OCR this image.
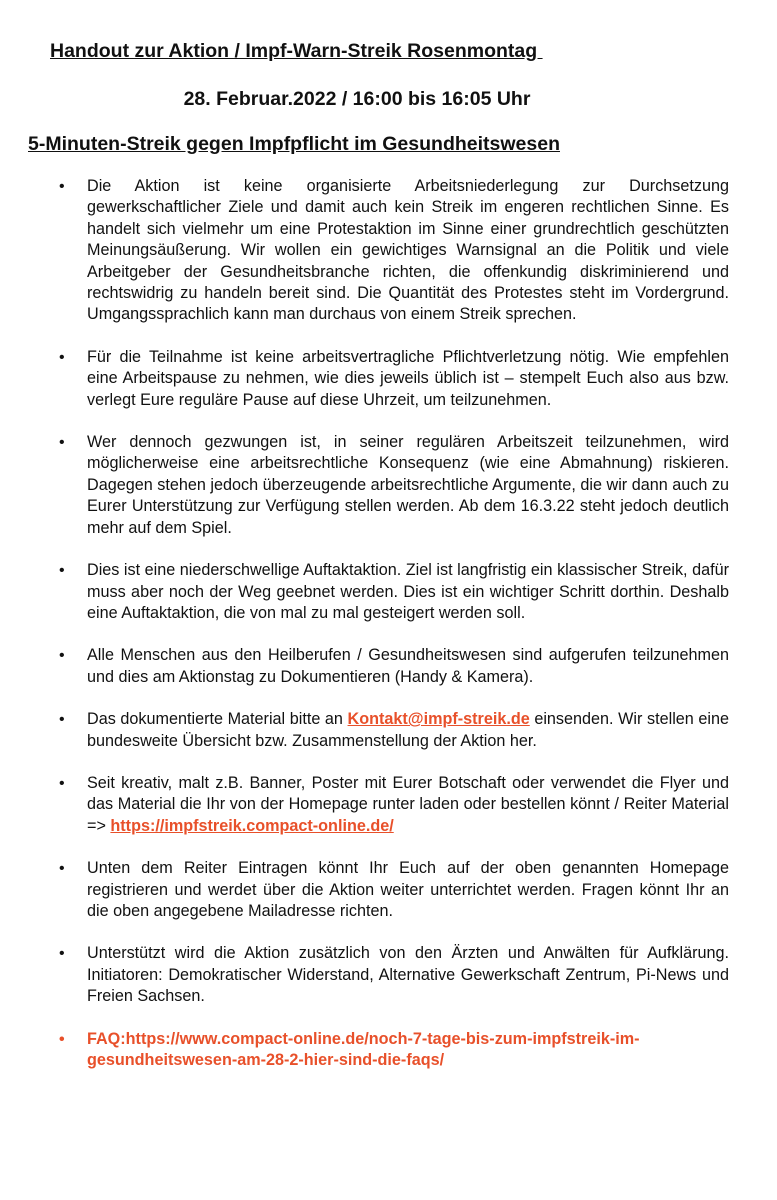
Handout zur Aktion / Impf-Warn-Streik Rosenmontag
28. Februar.2022 / 16:00 bis 16:05 Uhr
5-Minuten-Streik gegen Impfpflicht im Gesundheitswesen
• Die Aktion ist keine organisierte Arbeitsniederlegung zur Durchsetzung gewerkschaftlicher Ziele und damit auch kein Streik im engeren rechtlichen Sinne. Es handelt sich vielmehr um eine Protestaktion im Sinne einer grundrechtlich geschützten Meinungsäußerung. Wir wollen ein gewichtiges Warnsignal an die Politik und viele Arbeitgeber der Gesundheitsbranche richten, die offenkundig diskriminierend und rechtswidrig zu handeln bereit sind. Die Quantität des Protestes steht im Vordergrund. Umgangssprachlich kann man durchaus von einem Streik sprechen.
• Für die Teilnahme ist keine arbeitsvertragliche Pflichtverletzung nötig. Wie empfehlen eine Arbeitspause zu nehmen, wie dies jeweils üblich ist – stempelt Euch also aus bzw. verlegt Eure reguläre Pause auf diese Uhrzeit, um teilzunehmen.
• Wer dennoch gezwungen ist, in seiner regulären Arbeitszeit teilzunehmen, wird möglicherweise eine arbeitsrechtliche Konsequenz (wie eine Abmahnung) riskieren. Dagegen stehen jedoch überzeugende arbeitsrechtliche Argumente, die wir dann auch zu Eurer Unterstützung zur Verfügung stellen werden. Ab dem 16.3.22 steht jedoch deutlich mehr auf dem Spiel.
• Dies ist eine niederschwellige Auftaktaktion. Ziel ist langfristig ein klassischer Streik, dafür muss aber noch der Weg geebnet werden. Dies ist ein wichtiger Schritt dorthin. Deshalb eine Auftaktaktion, die von mal zu mal gesteigert werden soll.
• Alle Menschen aus den Heilberufen / Gesundheitswesen sind aufgerufen teilzunehmen und dies am Aktionstag zu Dokumentieren (Handy & Kamera).
• Das dokumentierte Material bitte an Kontakt@impf-streik.de einsenden. Wir stellen eine bundesweite Übersicht bzw. Zusammenstellung der Aktion her.
• Seit kreativ, malt z.B. Banner, Poster mit Eurer Botschaft oder verwendet die Flyer und das Material die Ihr von der Homepage runter laden oder bestellen könnt / Reiter Material => https://impfstreik.compact-online.de/
• Unten dem Reiter Eintragen könnt Ihr Euch auf der oben genannten Homepage registrieren und werdet über die Aktion weiter unterrichtet werden. Fragen könnt Ihr an die oben angegebene Mailadresse richten.
• Unterstützt wird die Aktion zusätzlich von den Ärzten und Anwälten für Aufklärung. Initiatoren: Demokratischer Widerstand, Alternative Gewerkschaft Zentrum, Pi-News und Freien Sachsen.
• FAQ:https://www.compact-online.de/noch-7-tage-bis-zum-impfstreik-im-gesundheitswesen-am-28-2-hier-sind-die-faqs/
